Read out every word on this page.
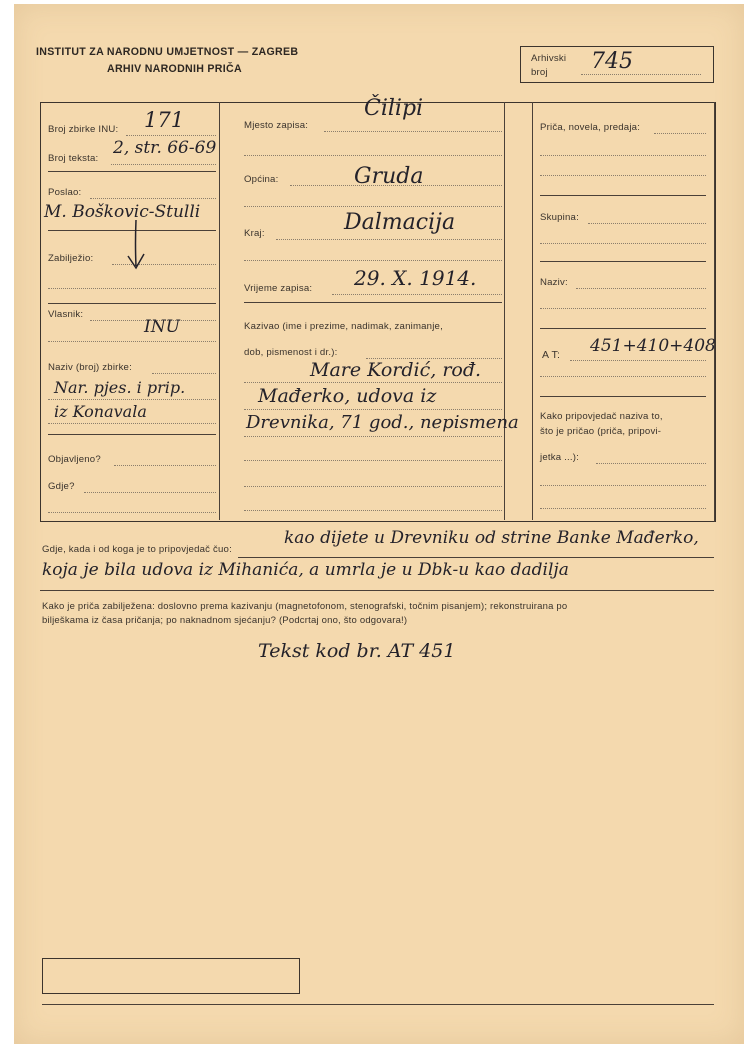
INSTITUT ZA NARODNU UMJETNOST — ZAGREB
ARHIV NARODNIH PRIČA
Arhivski
broj 745
Broj zbirke INU: 171
Broj teksta:
2, str. 66-69
Poslao:
M. Boškovic-Stulli
Zabilježio:
Vlasnik:
INU
Naziv (broj) zbirke:
Nar. pjes. i prip.
iz Konavala
Objavljeno?
Gdje?
Mjesto zapisa:
Čilipi
Općina:	Gruda
Kraj:	Dalmacija
Vrijeme zapisa: 29. X. 1914.
Kazivao (ime i prezime, nadimak, zanimanje,
dob, pismenost i dr.):
Mare Kordić, rođ.
Mađerko, udova iz
Drevnika, 71 god., nepismena
Priča, novela, predaja:
Skupina:
Naziv:
A T: 451+410+408
Kako pripovjedač naziva to,
što je pričao (priča, pripovi-
jetka ...):
Gdje, kada i od koga je to pripovjedač čuo:
kao dijete u Drevniku od strine Banke Mađerko,
koja je bila udova iz Mihanića, a umrla je u Dbk-u kao dadilja
Kako je priča zabilježena: doslovno prema kazivanju (magnetofonom, stenografski, točnim pisanjem); rekonstruirana po
bilješkama iz časa pričanja; po naknadnom sjećanju? (Podcrtaj ono, što odgovara!)
Tekst kod br. AT 451
